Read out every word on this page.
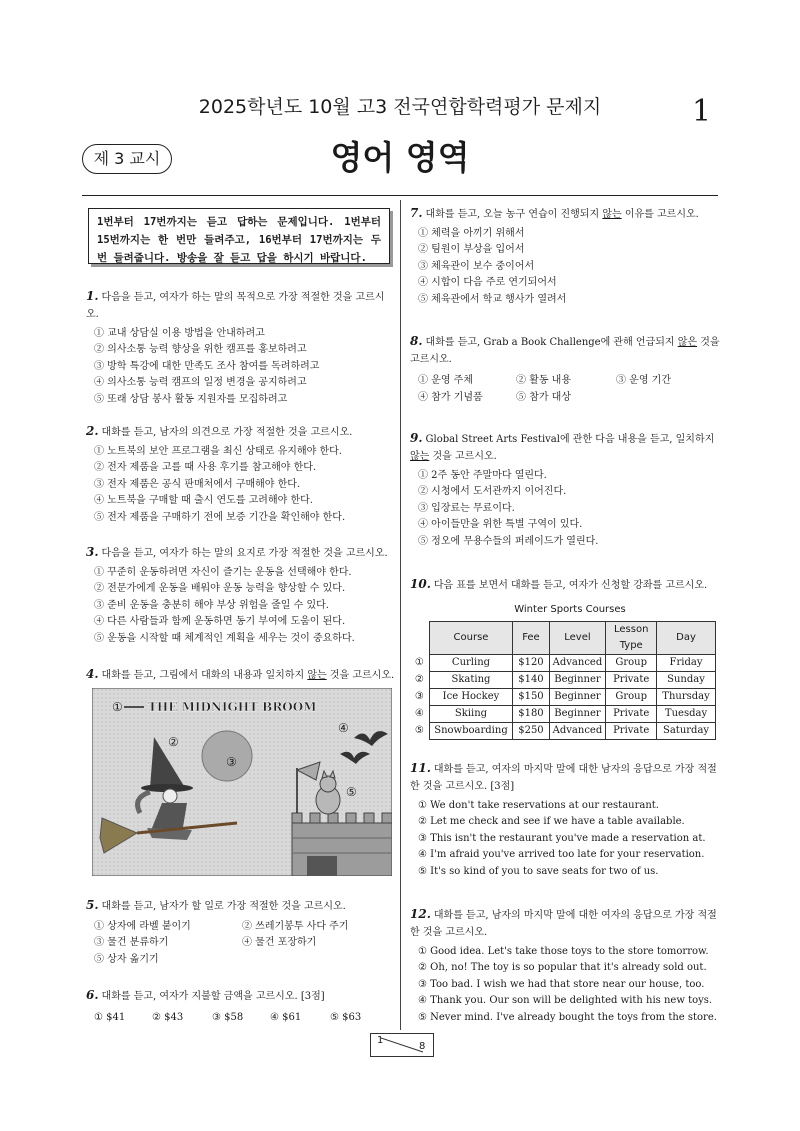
2025학년도 10월 고3 전국연합학력평가 문제지	1
제 3 교시	영어 영역
1번부터 17번까지는 듣고 답하는 문제입니다. 1번부터 15번까지는 한 번만 들려주고, 16번부터 17번까지는 두 번 들려줍니다. 방송을 잘 듣고 답을 하시기 바랍니다.
1. 다음을 듣고, 여자가 하는 말의 목적으로 가장 적절한 것을 고르시오.
① 교내 상담실 이용 방법을 안내하려고
② 의사소통 능력 향상을 위한 캠프를 홍보하려고
③ 방학 특강에 대한 만족도 조사 참여를 독려하려고
④ 의사소통 능력 캠프의 일정 변경을 공지하려고
⑤ 또래 상담 봉사 활동 지원자를 모집하려고
2. 대화를 듣고, 남자의 의견으로 가장 적절한 것을 고르시오.
① 노트북의 보안 프로그램을 최신 상태로 유지해야 한다.
② 전자 제품을 고를 때 사용 후기를 참고해야 한다.
③ 전자 제품은 공식 판매처에서 구매해야 한다.
④ 노트북을 구매할 때 출시 연도를 고려해야 한다.
⑤ 전자 제품을 구매하기 전에 보증 기간을 확인해야 한다.
3. 다음을 듣고, 여자가 하는 말의 요지로 가장 적절한 것을 고르시오.
① 꾸준히 운동하려면 자신이 즐기는 운동을 선택해야 한다.
② 전문가에게 운동을 배워야 운동 능력을 향상할 수 있다.
③ 준비 운동을 충분히 해야 부상 위험을 줄일 수 있다.
④ 다른 사람들과 함께 운동하면 동기 부여에 도움이 된다.
⑤ 운동을 시작할 때 체계적인 계획을 세우는 것이 중요하다.
4. 대화를 듣고, 그림에서 대화의 내용과 일치하지 않는 것을 고르시오.
THE MIDNIGHT BROOM
①
②
③
④
⑤
5. 대화를 듣고, 남자가 할 일로 가장 적절한 것을 고르시오.
① 상자에 라벨 붙이기	② 쓰레기봉투 사다 주기
③ 물건 분류하기	④ 물건 포장하기
⑤ 상자 옮기기
6. 대화를 듣고, 여자가 지불할 금액을 고르시오. [3점]
① $41	② $43	③ $58	④ $61	⑤ $63
7. 대화를 듣고, 오늘 농구 연습이 진행되지 않는 이유를 고르시오.
① 체력을 아끼기 위해서
② 팀원이 부상을 입어서
③ 체육관이 보수 중이어서
④ 시합이 다음 주로 연기되어서
⑤ 체육관에서 학교 행사가 열려서
8. 대화를 듣고, Grab a Book Challenge에 관해 언급되지 않은 것을 고르시오.
① 운영 주체	② 활동 내용	③ 운영 기간
④ 참가 기념품	⑤ 참가 대상
9. Global Street Arts Festival에 관한 다음 내용을 듣고, 일치하지 않는 것을 고르시오.
① 2주 동안 주말마다 열린다.
② 시청에서 도서관까지 이어진다.
③ 입장료는 무료이다.
④ 아이들만을 위한 특별 구역이 있다.
⑤ 정오에 무용수들의 퍼레이드가 열린다.
10. 다음 표를 보면서 대화를 듣고, 여자가 신청할 강좌를 고르시오.
Winter Sports Courses
	Course	Fee	Level	Lesson Type	Day
①	Curling	$120	Advanced	Group	Friday
②	Skating	$140	Beginner	Private	Sunday
③	Ice Hockey	$150	Beginner	Group	Thursday
④	Skiing	$180	Beginner	Private	Tuesday
⑤	Snowboarding	$250	Advanced	Private	Saturday
11. 대화를 듣고, 여자의 마지막 말에 대한 남자의 응답으로 가장 적절한 것을 고르시오. [3점]
① We don't take reservations at our restaurant.
② Let me check and see if we have a table available.
③ This isn't the restaurant you've made a reservation at.
④ I'm afraid you've arrived too late for your reservation.
⑤ It's so kind of you to save seats for two of us.
12. 대화를 듣고, 남자의 마지막 말에 대한 여자의 응답으로 가장 적절한 것을 고르시오.
① Good idea. Let's take those toys to the store tomorrow.
② Oh, no! The toy is so popular that it's already sold out.
③ Too bad. I wish we had that store near our house, too.
④ Thank you. Our son will be delighted with his new toys.
⑤ Never mind. I've already bought the toys from the store.
1
8
